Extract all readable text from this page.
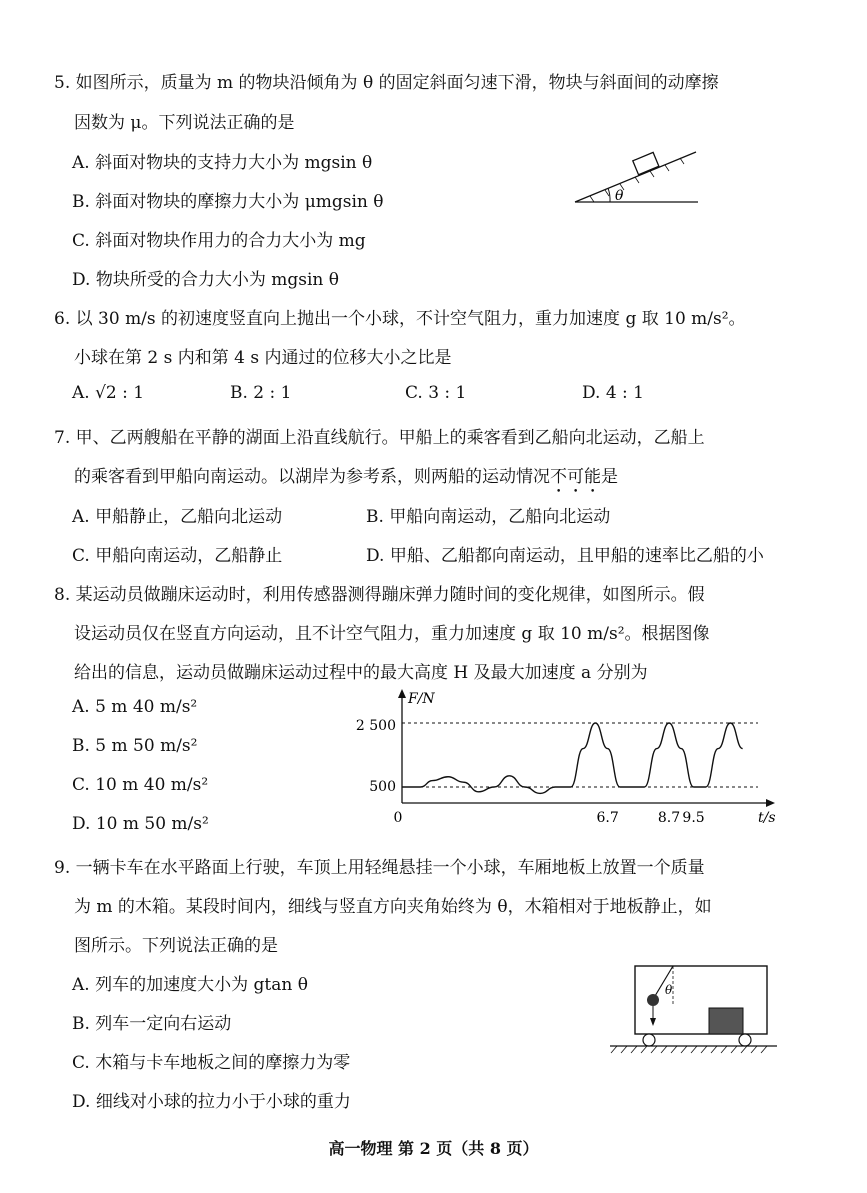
5. 如图所示，质量为 m 的物块沿倾角为 θ 的固定斜面匀速下滑，物块与斜面间的动摩擦
因数为 μ。下列说法正确的是
A. 斜面对物块的支持力大小为 mgsin θ
B. 斜面对物块的摩擦力大小为 μmgsin θ
C. 斜面对物块作用力的合力大小为 mg
D. 物块所受的合力大小为 mgsin θ
θ
6. 以 30 m/s 的初速度竖直向上抛出一个小球，不计空气阻力，重力加速度 g 取 10 m/s²。
小球在第 2 s 内和第 4 s 内通过的位移大小之比是
A. √2 : 1	B. 2 : 1	C. 3 : 1	D. 4 : 1
7. 甲、乙两艘船在平静的湖面上沿直线航行。甲船上的乘客看到乙船向北运动，乙船上
的乘客看到甲船向南运动。以湖岸为参考系，则两船的运动情况不可能是
A. 甲船静止，乙船向北运动	B. 甲船向南运动，乙船向北运动
C. 甲船向南运动，乙船静止	D. 甲船、乙船都向南运动，且甲船的速率比乙船的小
8. 某运动员做蹦床运动时，利用传感器测得蹦床弹力随时间的变化规律，如图所示。假
设运动员仅在竖直方向运动，且不计空气阻力，重力加速度 g 取 10 m/s²。根据图像
给出的信息，运动员做蹦床运动过程中的最大高度 H 及最大加速度 a 分别为
A. 5 m 40 m/s²
B. 5 m 50 m/s²
C. 10 m 40 m/s²
D. 10 m 50 m/s²
F/N
t/s
2 500
500
0	6.7	8.7 9.5
9. 一辆卡车在水平路面上行驶，车顶上用轻绳悬挂一个小球，车厢地板上放置一个质量
为 m 的木箱。某段时间内，细线与竖直方向夹角始终为 θ，木箱相对于地板静止，如
图所示。下列说法正确的是
A. 列车的加速度大小为 gtan θ
B. 列车一定向右运动
C. 木箱与卡车地板之间的摩擦力为零
D. 细线对小球的拉力小于小球的重力
θ
高一物理 第 2 页（共 8 页）
